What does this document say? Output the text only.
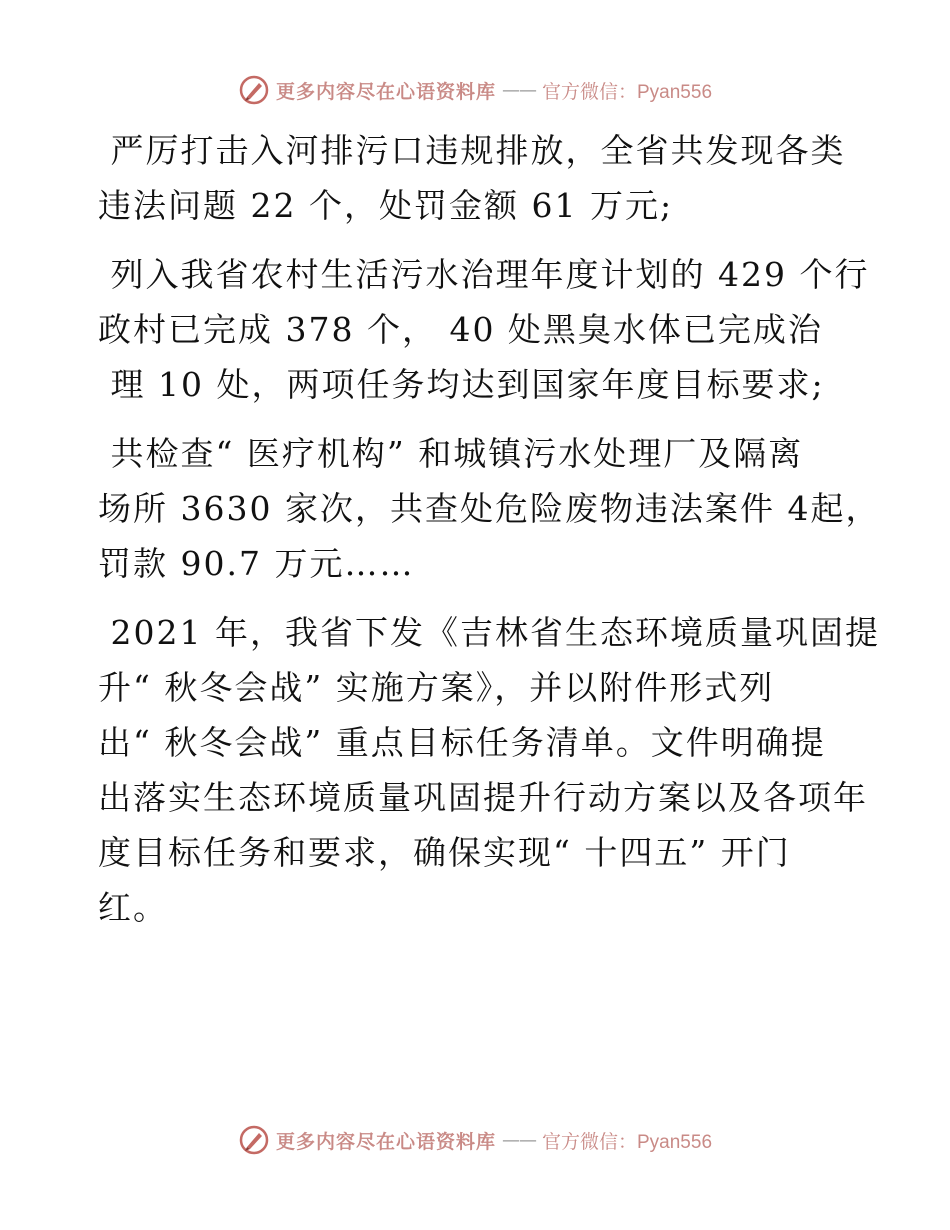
更多内容尽在心语资料库 —— 官方微信：Pyan556
严厉打击入河排污口违规排放，全省共发现各类
违法问题 22 个，处罚金额 61 万元;
列入我省农村生活污水治理年度计划的 429 个行
政村已完成 378 个， 40 处黑臭水体已完成治
理 10 处，两项任务均达到国家年度目标要求;
共检查“ 医疗机构” 和城镇污水处理厂及隔离
场所 3630 家次，共查处危险废物违法案件 4起，
罚款 90.7 万元……
2021 年，我省下发《吉林省生态环境质量巩固提
升“ 秋冬会战” 实施方案》，并以附件形式列
出“ 秋冬会战” 重点目标任务清单。文件明确提
出落实生态环境质量巩固提升行动方案以及各项年
度目标任务和要求，确保实现“ 十四五” 开门
红。
更多内容尽在心语资料库 —— 官方微信：Pyan556
